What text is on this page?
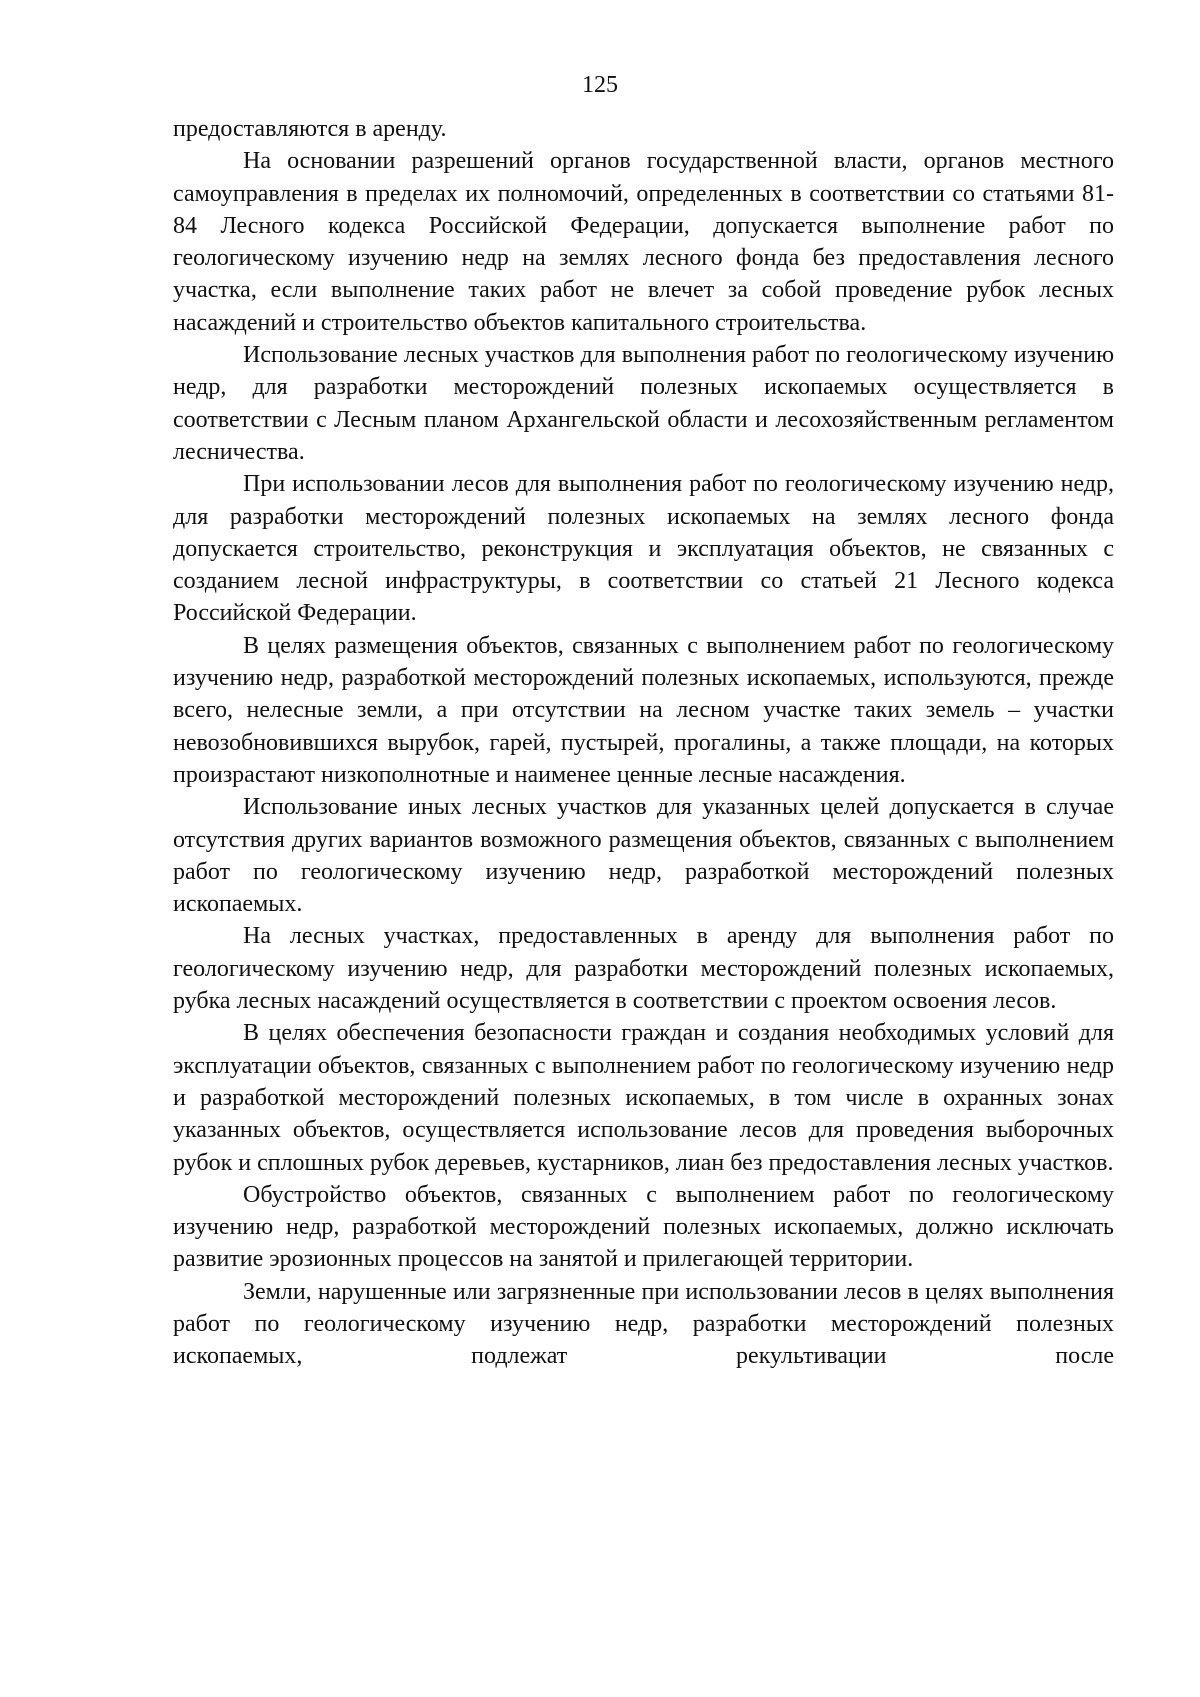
125

предоставляются в аренду.

На основании разрешений органов государственной власти, органов местного самоуправления в пределах их полномочий, определенных в соответствии со статьями 81-84 Лесного кодекса Российской Федерации, допускается выполнение работ по геологическому изучению недр на землях лесного фонда без предоставления лесного участка, если выполнение таких работ не влечет за собой проведение рубок лесных насаждений и строительство объектов капитального строительства.

Использование лесных участков для выполнения работ по геологическому изучению недр, для разработки месторождений полезных ископаемых осуществляется в соответствии с Лесным планом Архангельской области и лесохозяйственным регламентом лесничества.

При использовании лесов для выполнения работ по геологическому изучению недр, для разработки месторождений полезных ископаемых на землях лесного фонда допускается строительство, реконструкция и эксплуатация объектов, не связанных с созданием лесной инфраструктуры, в соответствии со статьей 21 Лесного кодекса Российской Федерации.

В целях размещения объектов, связанных с выполнением работ по геологическому изучению недр, разработкой месторождений полезных ископаемых, используются, прежде всего, нелесные земли, а при отсутствии на лесном участке таких земель – участки невозобновившихся вырубок, гарей, пустырей, прогалины, а также площади, на которых произрастают низкополнотные и наименее ценные лесные насаждения.

Использование иных лесных участков для указанных целей допускается в случае отсутствия других вариантов возможного размещения объектов, связанных с выполнением работ по геологическому изучению недр, разработкой месторождений полезных ископаемых.

На лесных участках, предоставленных в аренду для выполнения работ по геологическому изучению недр, для разработки месторождений полезных ископаемых, рубка лесных насаждений осуществляется в соответствии с проектом освоения лесов.

В целях обеспечения безопасности граждан и создания необходимых условий для эксплуатации объектов, связанных с выполнением работ по геологическому изучению недр и разработкой месторождений полезных ископаемых, в том числе в охранных зонах указанных объектов, осуществляется использование лесов для проведения выборочных рубок и сплошных рубок деревьев, кустарников, лиан без предоставления лесных участков.

Обустройство объектов, связанных с выполнением работ по геологическому изучению недр, разработкой месторождений полезных ископаемых, должно исключать развитие эрозионных процессов на занятой и прилегающей территории.

Земли, нарушенные или загрязненные при использовании лесов в целях выполнения работ по геологическому изучению недр, разработки месторождений полезных ископаемых, подлежат рекультивации после
